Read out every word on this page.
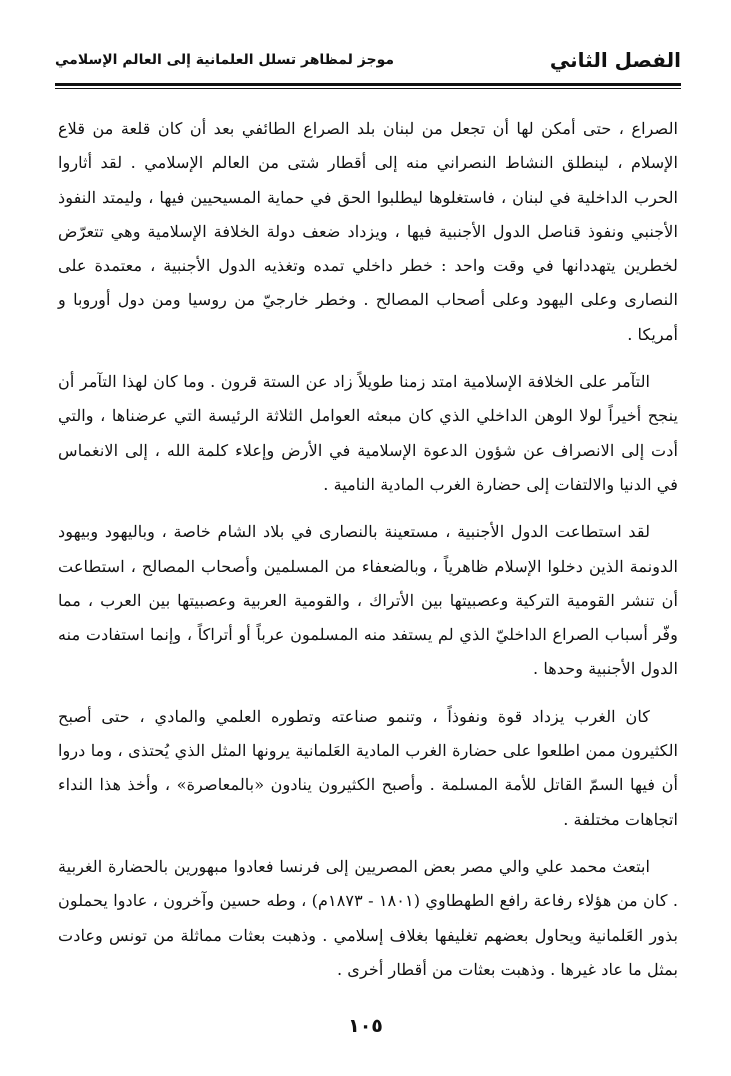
الفصل الثاني
موجز لمظاهر تسلل العلمانية إلى العالم الإسلامي

الصراع ، حتى أمكن لها أن تجعل من لبنان بلد الصراع الطائفي بعد أن كان قلعة من قلاع الإسلام ، لينطلق النشاط النصراني منه إلى أقطار شتى من العالم الإسلامي . لقد أثاروا الحرب الداخلية في لبنان ، فاستغلوها ليطلبوا الحق في حماية المسيحيين فيها ، وليمتد النفوذ الأجنبي ونفوذ قناصل الدول الأجنبية فيها ، ويزداد ضعف دولة الخلافة الإسلامية وهي تتعرّض لخطرين يتهددانها في وقت واحد : خطر داخلي تمده وتغذيه الدول الأجنبية ، معتمدة على النصارى وعلى اليهود وعلى أصحاب المصالح . وخطر خارجيّ من روسيا ومن دول أوروبا و أمريكا .

التآمر على الخلافة الإسلامية امتد زمنا طويلاً زاد عن الستة قرون . وما كان لهذا التآمر أن ينجح أخيراً لولا الوهن الداخلي الذي كان مبعثه العوامل الثلاثة الرئيسة التي عرضناها ، والتي أدت إلى الانصراف عن شؤون الدعوة الإسلامية في الأرض وإعلاء كلمة الله ، إلى الانغماس في الدنيا والالتفات إلى حضارة الغرب المادية النامية .

لقد استطاعت الدول الأجنبية ، مستعينة بالنصارى في بلاد الشام خاصة ، وباليهود وبيهود الدونمة الذين دخلوا الإسلام ظاهرياً ، وبالضعفاء من المسلمين وأصحاب المصالح ، استطاعت أن تنشر القومية التركية وعصبيتها بين الأتراك ، والقومية العربية وعصبيتها بين العرب ، مما وفّر أسباب الصراع الداخليّ الذي لم يستفد منه المسلمون عرباً أو أتراكاً ، وإنما استفادت منه الدول الأجنبية وحدها .

كان الغرب يزداد قوة ونفوذاً ، وتنمو صناعته وتطوره العلمي والمادي ، حتى أصبح الكثيرون ممن اطلعوا على حضارة الغرب المادية العَلمانية يرونها المثل الذي يُحتذى ، وما دروا أن فيها السمّ القاتل للأمة المسلمة . وأصبح الكثيرون ينادون «بالمعاصرة» ، وأخذ هذا النداء اتجاهات مختلفة .

ابتعث محمد علي والي مصر بعض المصريين إلى فرنسا فعادوا مبهورين بالحضارة الغربية . كان من هؤلاء رفاعة رافع الطهطاوي (١٨٠١ - ١٨٧٣م) ، وطه حسين وآخرون ، عادوا يحملون بذور العَلمانية ويحاول بعضهم تغليفها بغلاف إسلامي . وذهبت بعثات مماثلة من تونس وعادت بمثل ما عاد غيرها . وذهبت بعثات من أقطار أخرى .

١٠٥
